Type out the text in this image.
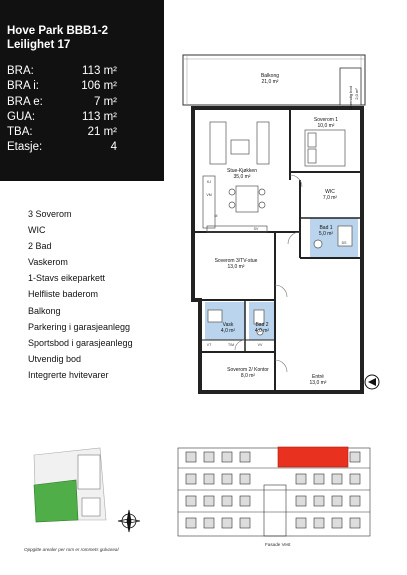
Hove Park BBB1-2
Leilighet 17
BRA:	113 m²
BRA i:	106 m²
BRA e:	7 m²
GUA:	113 m²
TBA:	21 m²
Etasje:	4
3 Soverom
WIC
2 Bad
Vaskerom
1-Stavs eikeparkett
Helfliste baderom
Balkong
Parkering i garasjeanlegg
Sportsbod i garasjeanlegg
Utvendig bod
Integrerte hvitevarer
Balkong
21,0 m²
Utvendig bod 2,0 m²
Soverom 1
10,0 m²
Stue-Kjøkken
35,0 m²
WIC
7,0 m²
Bad 1
5,0 m²
Soverom 3/TV-stue
13,0 m²
Vask
4,0 m²
Bad 2
4,0 m²
Soverom 2/ Kontor
8,0 m²	Entré
13,0 m²
KJ
VM
T/M
SV
DS
VT	VV
M
Fasade Vest
Oppgitte arealer per rom er rommets gulvareal
